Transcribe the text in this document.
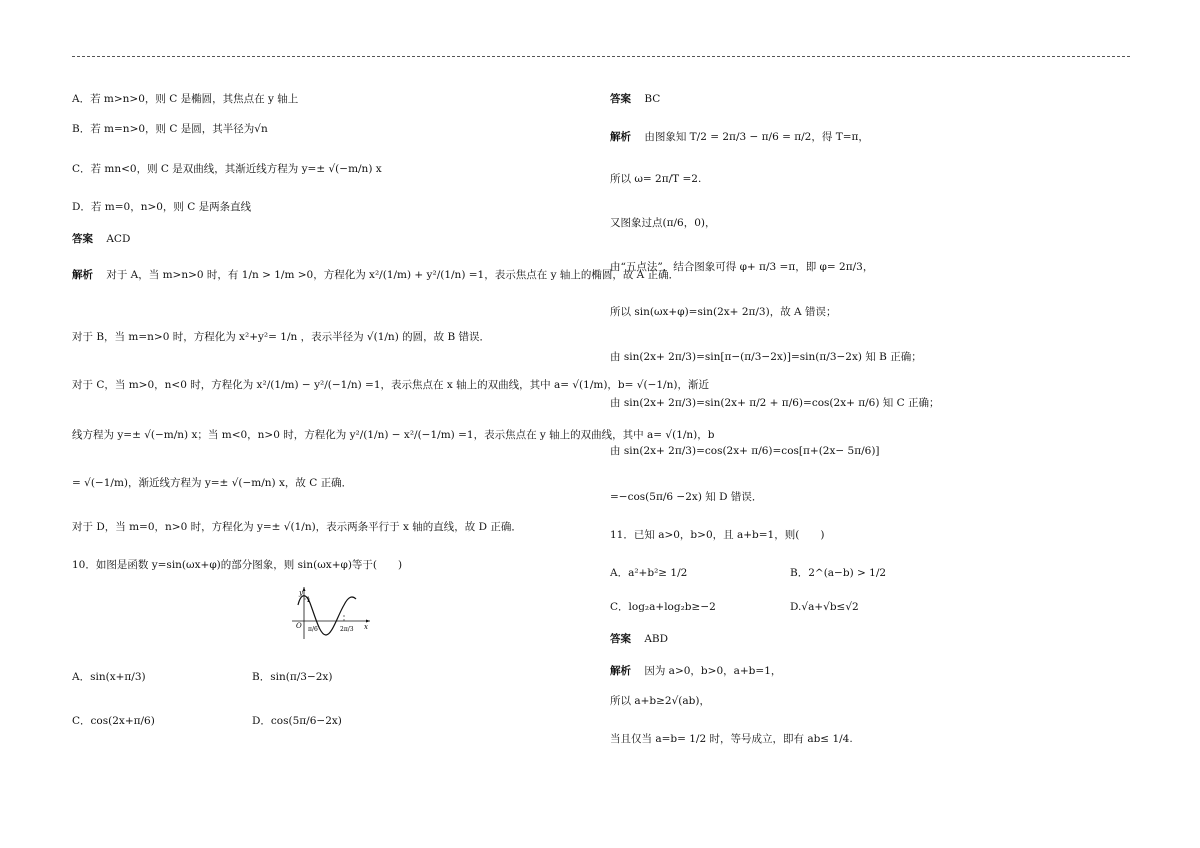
A．若 m>n>0，则 C 是椭圆，其焦点在 y 轴上
B．若 m=n>0，则 C 是圆，其半径为√n
C．若 mn<0，则 C 是双曲线，其渐近线方程为 y=± √(−m/n) x
D．若 m=0，n>0，则 C 是两条直线
答案 ACD
解析 对于 A，当 m>n>0 时，有 1/n > 1/m >0，方程化为 x²/(1/m) + y²/(1/n) =1，表示焦点在 y 轴上的椭圆，故 A 正确．
对于 B，当 m=n>0 时，方程化为 x²+y²= 1/n ，表示半径为 √(1/n) 的圆，故 B 错误．
对于 C，当 m>0，n<0 时，方程化为 x²/(1/m) − y²/(−1/n) =1，表示焦点在 x 轴上的双曲线，其中 a= √(1/m)，b= √(−1/n)，渐近
线方程为 y=± √(−m/n) x；当 m<0，n>0 时，方程化为 y²/(1/n) − x²/(−1/m) =1，表示焦点在 y 轴上的双曲线，其中 a= √(1/n)，b
= √(−1/m)，渐近线方程为 y=± √(−m/n) x，故 C 正确．
对于 D，当 m=0，n>0 时，方程化为 y=± √(1/n)，表示两条平行于 x 轴的直线，故 D 正确．
10．如图是函数 y=sin(ωx+φ)的部分图象，则 sin(ωx+φ)等于(　　)
y
1
O π/6	2π/3 x
A．sin(x+π/3)	B．sin(π/3−2x)
C．cos(2x+π/6)	D．cos(5π/6−2x)
答案 BC
解析 由图象知 T/2 = 2π/3 − π/6 = π/2，得 T=π，
所以 ω= 2π/T =2.
又图象过点(π/6，0)，
由“五点法”，结合图象可得 φ+ π/3 =π，即 φ= 2π/3，
所以 sin(ωx+φ)=sin(2x+ 2π/3)，故 A 错误；
由 sin(2x+ 2π/3)=sin[π−(π/3−2x)]=sin(π/3−2x) 知 B 正确；
由 sin(2x+ 2π/3)=sin(2x+ π/2 + π/6)=cos(2x+ π/6) 知 C 正确；
由 sin(2x+ 2π/3)=cos(2x+ π/6)=cos[π+(2x− 5π/6)]
=−cos(5π/6 −2x) 知 D 错误．
11．已知 a>0，b>0，且 a+b=1，则(　　)
A．a²+b²≥ 1/2	B．2^(a−b) > 1/2
C．log₂a+log₂b≥−2	D.√a+√b≤√2
答案 ABD
解析 因为 a>0，b>0，a+b=1，
所以 a+b≥2√(ab)，
当且仅当 a=b= 1/2 时，等号成立，即有 ab≤ 1/4.
